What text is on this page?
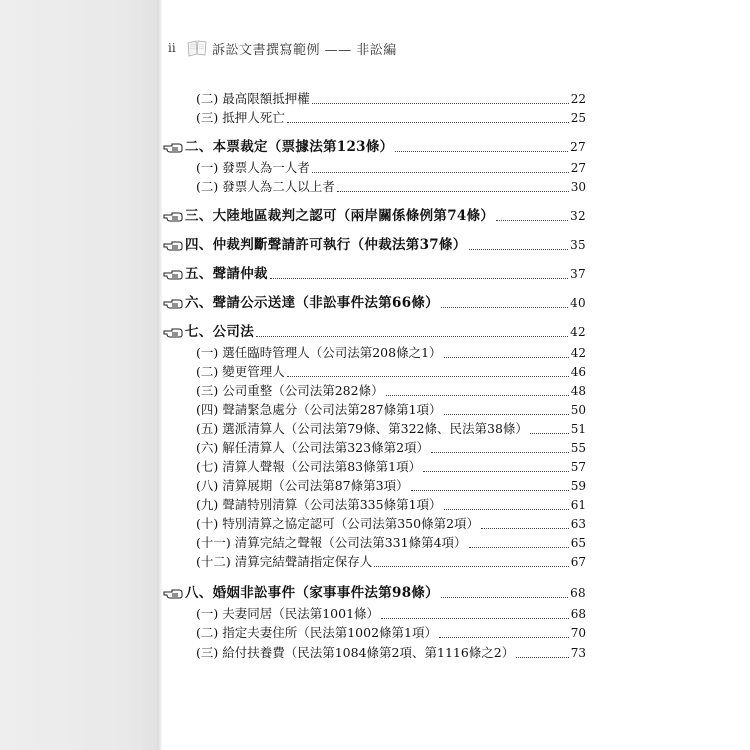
ii	訴訟文書撰寫範例 —— 非訟編
(二) 最高限額抵押權	22
(三) 抵押人死亡	25
二、本票裁定（票據法第123條）	27
(一) 發票人為一人者	27
(二) 發票人為二人以上者	30
三、大陸地區裁判之認可（兩岸關係條例第74條）	32
四、仲裁判斷聲請許可執行（仲裁法第37條）	35
五、聲請仲裁	37
六、聲請公示送達（非訟事件法第66條）	40
七、公司法	42
(一) 選任臨時管理人（公司法第208條之1）	42
(二) 變更管理人	46
(三) 公司重整（公司法第282條）	48
(四) 聲請緊急處分（公司法第287條第1項）	50
(五) 選派清算人（公司法第79條、第322條、民法第38條）	51
(六) 解任清算人（公司法第323條第2項）	55
(七) 清算人聲報（公司法第83條第1項）	57
(八) 清算展期（公司法第87條第3項）	59
(九) 聲請特別清算（公司法第335條第1項）	61
(十) 特別清算之協定認可（公司法第350條第2項）	63
(十一) 清算完結之聲報（公司法第331條第4項）	65
(十二) 清算完結聲請指定保存人	67
八、婚姻非訟事件（家事事件法第98條）	68
(一) 夫妻同居（民法第1001條）	68
(二) 指定夫妻住所（民法第1002條第1項）	70
(三) 給付扶養費（民法第1084條第2項、第1116條之2）	73
